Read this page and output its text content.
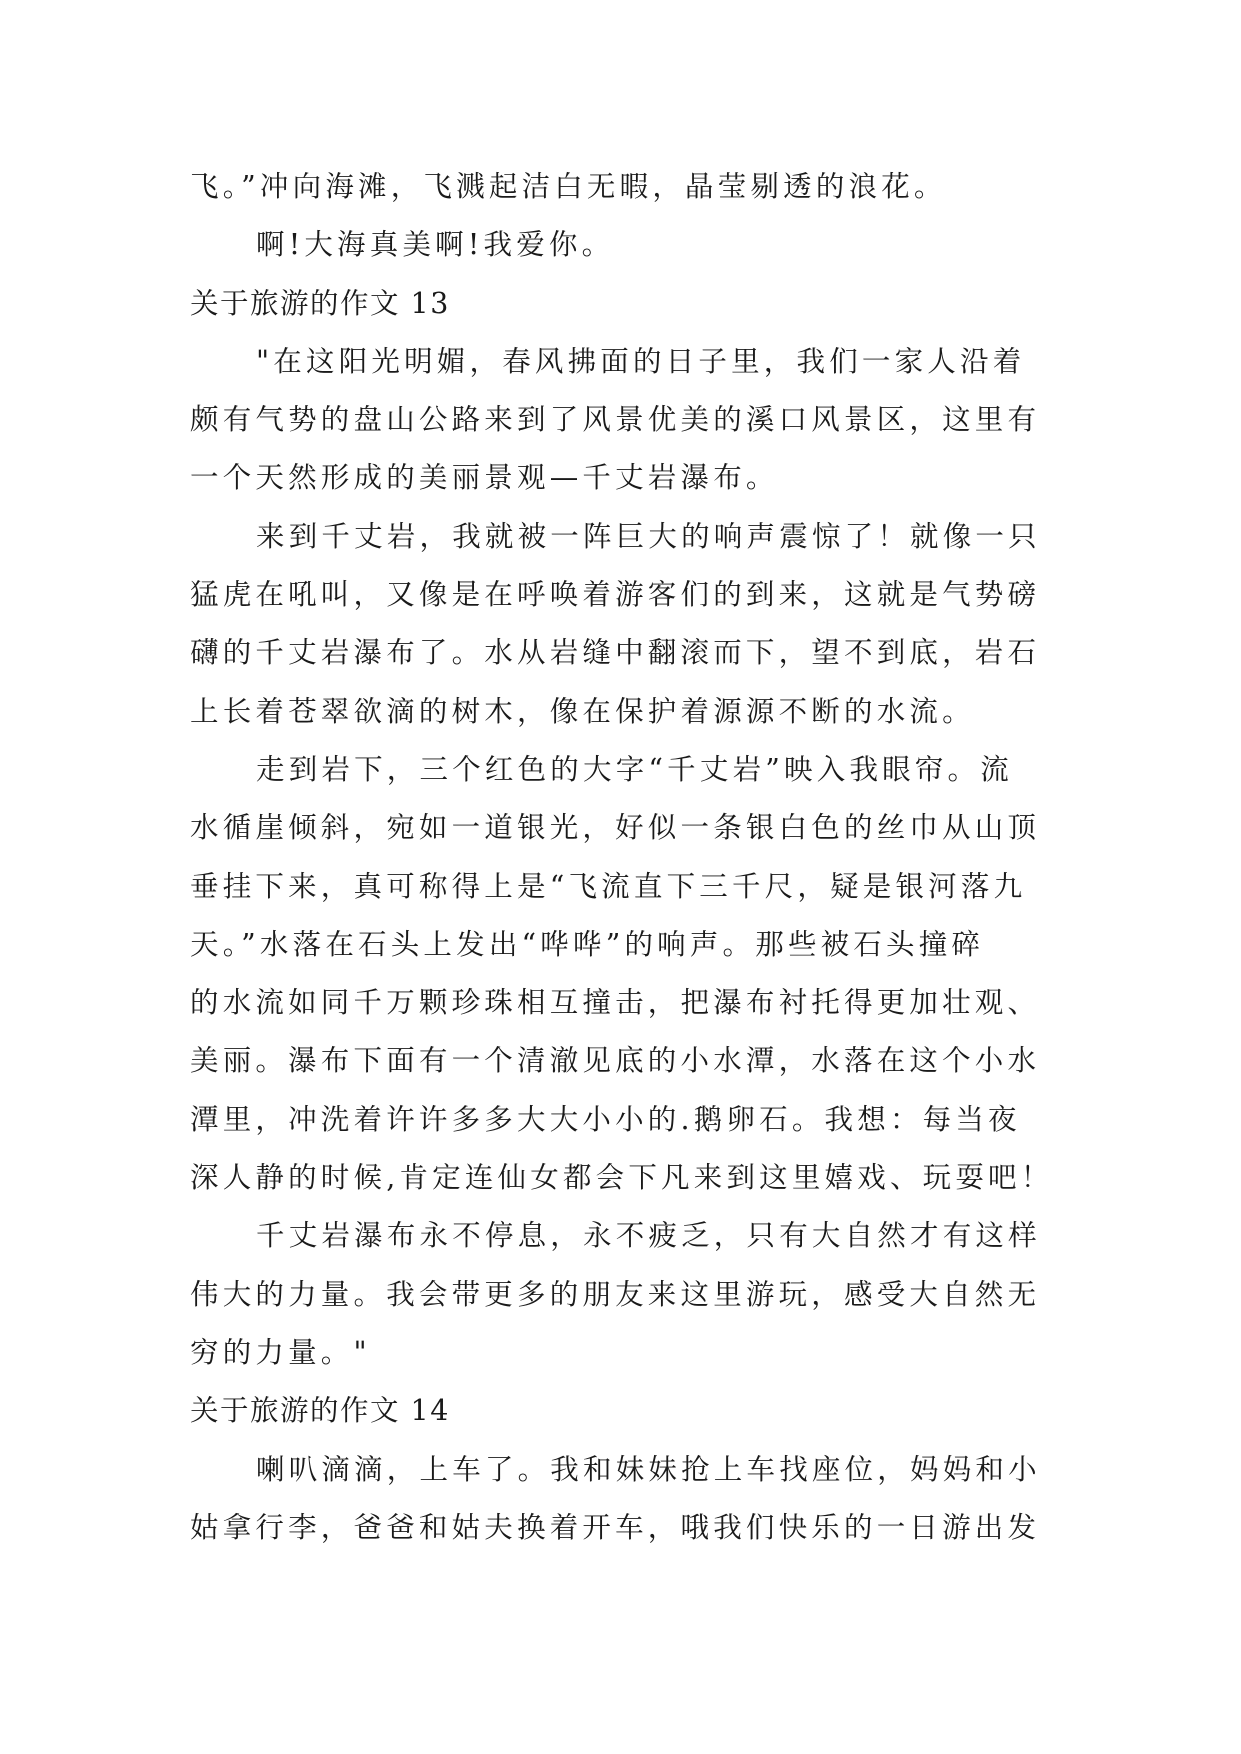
飞。”冲向海滩，飞溅起洁白无暇，晶莹剔透的浪花。
啊!大海真美啊!我爱你。
关于旅游的作文 13
"在这阳光明媚，春风拂面的日子里，我们一家人沿着
颇有气势的盘山公路来到了风景优美的溪口风景区，这里有
一个天然形成的美丽景观—千丈岩瀑布。
来到千丈岩，我就被一阵巨大的响声震惊了！就像一只
猛虎在吼叫，又像是在呼唤着游客们的到来，这就是气势磅
礴的千丈岩瀑布了。水从岩缝中翻滚而下，望不到底，岩石
上长着苍翠欲滴的树木，像在保护着源源不断的水流。
走到岩下，三个红色的大字“千丈岩”映入我眼帘。流
水循崖倾斜，宛如一道银光，好似一条银白色的丝巾从山顶
垂挂下来，真可称得上是“飞流直下三千尺，疑是银河落九
天。”水落在石头上发出“哗哗”的响声。那些被石头撞碎
的水流如同千万颗珍珠相互撞击，把瀑布衬托得更加壮观、
美丽。瀑布下面有一个清澈见底的小水潭，水落在这个小水
潭里，冲洗着许许多多大大小小的.鹅卵石。我想：每当夜
深人静的时候,肯定连仙女都会下凡来到这里嬉戏、玩耍吧！
千丈岩瀑布永不停息，永不疲乏，只有大自然才有这样
伟大的力量。我会带更多的朋友来这里游玩，感受大自然无
穷的力量。"
关于旅游的作文 14
喇叭滴滴，上车了。我和妹妹抢上车找座位，妈妈和小
姑拿行李，爸爸和姑夫换着开车，哦我们快乐的一日游出发
